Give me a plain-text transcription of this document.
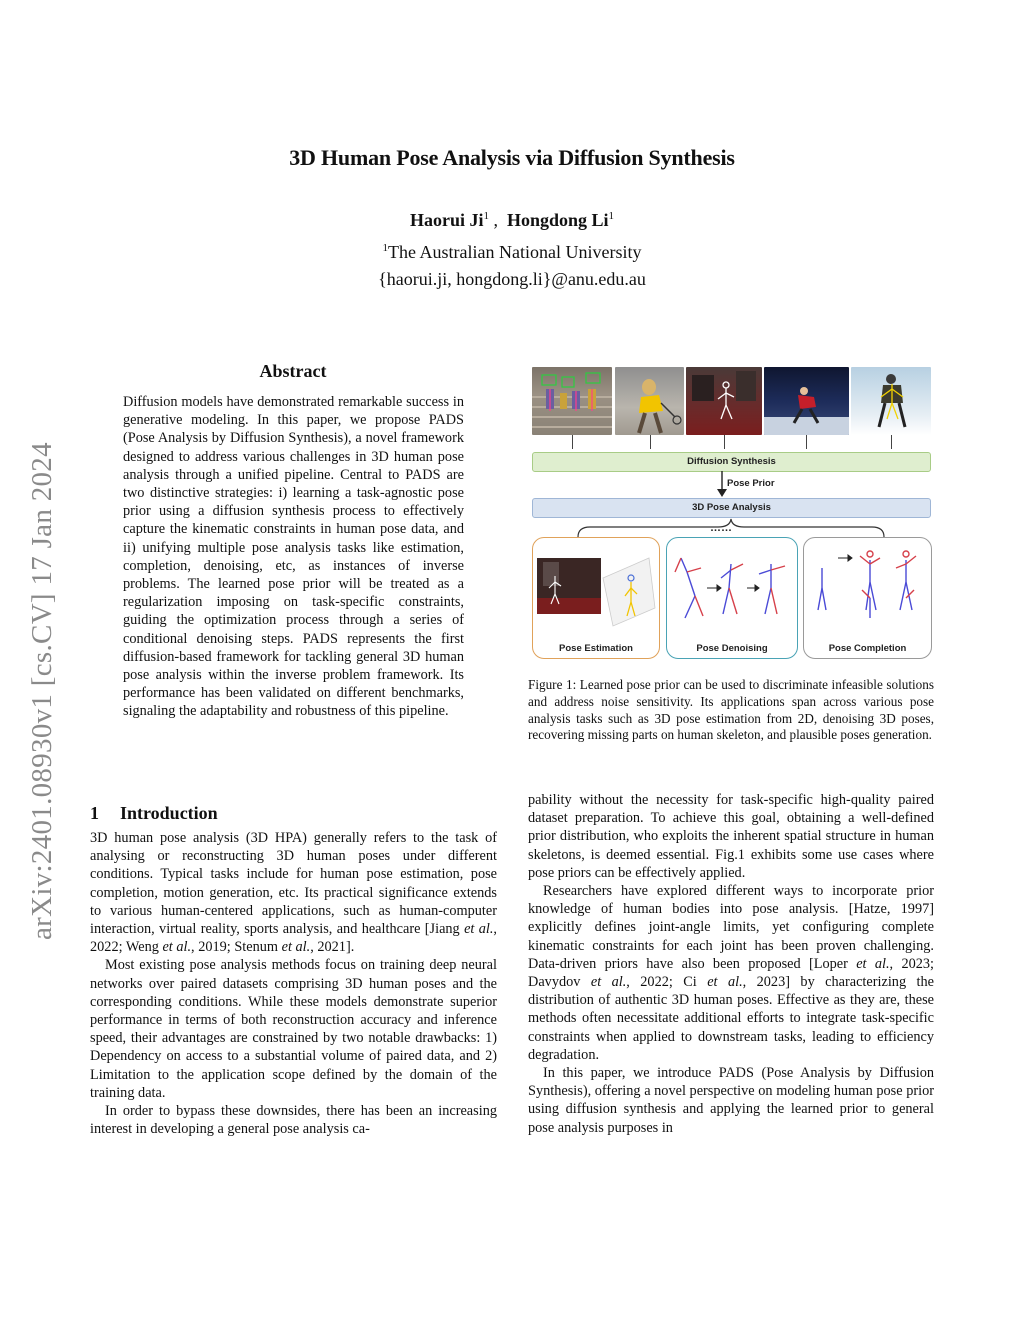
3D Human Pose Analysis via Diffusion Synthesis
Haorui Ji$^1$ ,  Hongdong Li$^1$
$^1$The Australian National University
{haorui.ji, hongdong.li}@anu.edu.au
arXiv:2401.08930v1 [cs.CV] 17 Jan 2024
Abstract

Diffusion models have demonstrated remarkable success in generative modeling. In this paper, we propose PADS (Pose Analysis by Diffusion Synthesis), a novel framework designed to address various challenges in 3D human pose analysis through a unified pipeline. Central to PADS are two distinctive strategies: i) learning a task-agnostic pose prior using a diffusion synthesis process to effectively capture the kinematic constraints in human pose data, and ii) unifying multiple pose analysis tasks like estimation, completion, denoising, etc, as instances of inverse problems. The learned pose prior will be treated as a regularization imposing on task-specific constraints, guiding the optimization process through a series of conditional denoising steps. PADS represents the first diffusion-based framework for tackling general 3D human pose analysis within the inverse problem framework. Its performance has been validated on different benchmarks, signaling the adaptability and robustness of this pipeline.

1 Introduction

3D human pose analysis (3D HPA) generally refers to the task of analysing or reconstructing 3D human poses under different conditions. Typical tasks include for human pose estimation, pose completion, motion generation, etc. Its practical significance extends to various human-centered applications, such as human-computer interaction, virtual reality, sports analysis, and healthcare [Jiang et al., 2022; Weng et al., 2019; Stenum et al., 2021].

Most existing pose analysis methods focus on training deep neural networks over paired datasets comprising 3D human poses and the corresponding conditions. While these models demonstrate superior performance in terms of both reconstruction accuracy and inference speed, their advantages are constrained by two notable drawbacks: 1) Dependency on access to a substantial volume of paired data, and 2) Limitation to the application scope defined by the domain of the training data.

In order to bypass these downsides, there has been an increasing interest in developing a general pose analysis ca-

pability without the necessity for task-specific high-quality paired dataset preparation. To achieve this goal, obtaining a well-defined prior distribution, who exploits the inherent spatial structure in human skeletons, is deemed essential. Fig.1 exhibits some use cases where pose priors can be effectively applied.

Researchers have explored different ways to incorporate prior knowledge of human bodies into pose analysis. [Hatze, 1997] explicitly defines joint-angle limits, yet configuring complete kinematic constraints for each joint has been proven challenging. Data-driven priors have also been proposed [Loper et al., 2023; Davydov et al., 2022; Ci et al., 2023] by characterizing the distribution of authentic 3D human poses. Effective as they are, these methods often necessitate additional efforts to integrate task-specific constraints when applied to downstream tasks, leading to efficiency degradation.

In this paper, we introduce PADS (Pose Analysis by Diffusion Synthesis), offering a novel perspective on modeling human pose prior using diffusion synthesis and applying the learned prior to general pose analysis purposes in

Diffusion Synthesis
Pose Prior
3D Pose Analysis
……
Pose Estimation	Pose Denoising	Pose Completion

Figure 1: Learned pose prior can be used to discriminate infeasible solutions and address noise sensitivity. Its applications span across various pose analysis tasks such as 3D pose estimation from 2D, denoising 3D poses, recovering missing parts on human skeleton, and plausible poses generation.
